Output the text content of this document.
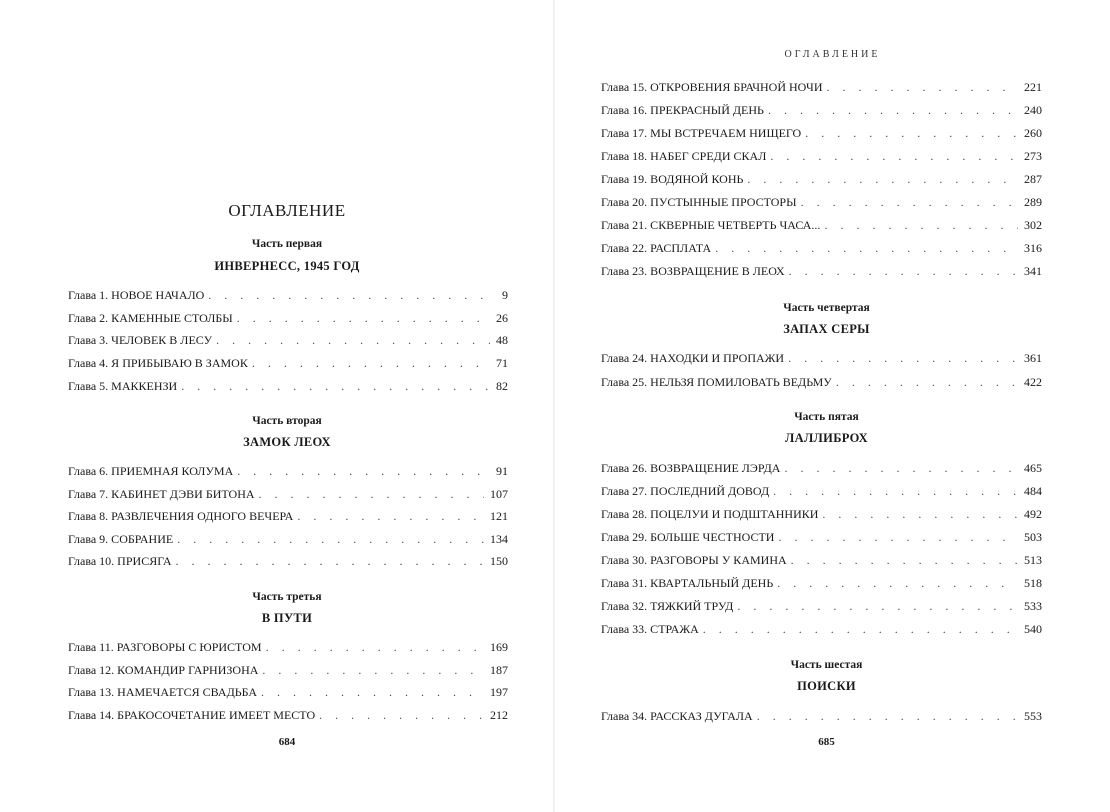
ОГЛАВЛЕНИЕ
Часть первая
ИНВЕРНЕСС, 1945 ГОД
Глава 1. НОВОЕ НАЧАЛО . . .	9
Глава 2. КАМЕННЫЕ СТОЛБЫ . . .	26
Глава 3. ЧЕЛОВЕК В ЛЕСУ . . .	48
Глава 4. Я ПРИБЫВАЮ В ЗАМОК . . .	71
Глава 5. МАККЕНЗИ . . .	82
Часть вторая
ЗАМОК ЛЕОХ
Глава 6. ПРИЕМНАЯ КОЛУМА . . .	91
Глава 7. КАБИНЕТ ДЭВИ БИТОНА . . .	107
Глава 8. РАЗВЛЕЧЕНИЯ ОДНОГО ВЕЧЕРА . . .	121
Глава 9. СОБРАНИЕ . . .	134
Глава 10. ПРИСЯГА . . .	150
Часть третья
В ПУТИ
Глава 11. РАЗГОВОРЫ С ЮРИСТОМ . . .	169
Глава 12. КОМАНДИР ГАРНИЗОНА . . .	187
Глава 13. НАМЕЧАЕТСЯ СВАДЬБА . . .	197
Глава 14. БРАКОСОЧЕТАНИЕ ИМЕЕТ МЕСТО . . .	212
684
ОГЛАВЛЕНИЕ
Глава 15. ОТКРОВЕНИЯ БРАЧНОЙ НОЧИ . . .	221
Глава 16. ПРЕКРАСНЫЙ ДЕНЬ . . .	240
Глава 17. МЫ ВСТРЕЧАЕМ НИЩЕГО . . .	260
Глава 18. НАБЕГ СРЕДИ СКАЛ . . .	273
Глава 19. ВОДЯНОЙ КОНЬ . . .	287
Глава 20. ПУСТЫННЫЕ ПРОСТОРЫ . . .	289
Глава 21. СКВЕРНЫЕ ЧЕТВЕРТЬ ЧАСА... . . .	302
Глава 22. РАСПЛАТА . . .	316
Глава 23. ВОЗВРАЩЕНИЕ В ЛЕОХ . . .	341
Часть четвертая
ЗАПАХ СЕРЫ
Глава 24. НАХОДКИ И ПРОПАЖИ . . .	361
Глава 25. НЕЛЬЗЯ ПОМИЛОВАТЬ ВЕДЬМУ . . .	422
Часть пятая
ЛАЛЛИБРОХ
Глава 26. ВОЗВРАЩЕНИЕ ЛЭРДА . . .	465
Глава 27. ПОСЛЕДНИЙ ДОВОД . . .	484
Глава 28. ПОЦЕЛУИ И ПОДШТАННИКИ . . .	492
Глава 29. БОЛЬШЕ ЧЕСТНОСТИ . . .	503
Глава 30. РАЗГОВОРЫ У КАМИНА . . .	513
Глава 31. КВАРТАЛЬНЫЙ ДЕНЬ . . .	518
Глава 32. ТЯЖКИЙ ТРУД . . .	533
Глава 33. СТРАЖА . . .	540
Часть шестая
ПОИСКИ
Глава 34. РАССКАЗ ДУГАЛА . . .	553
685
